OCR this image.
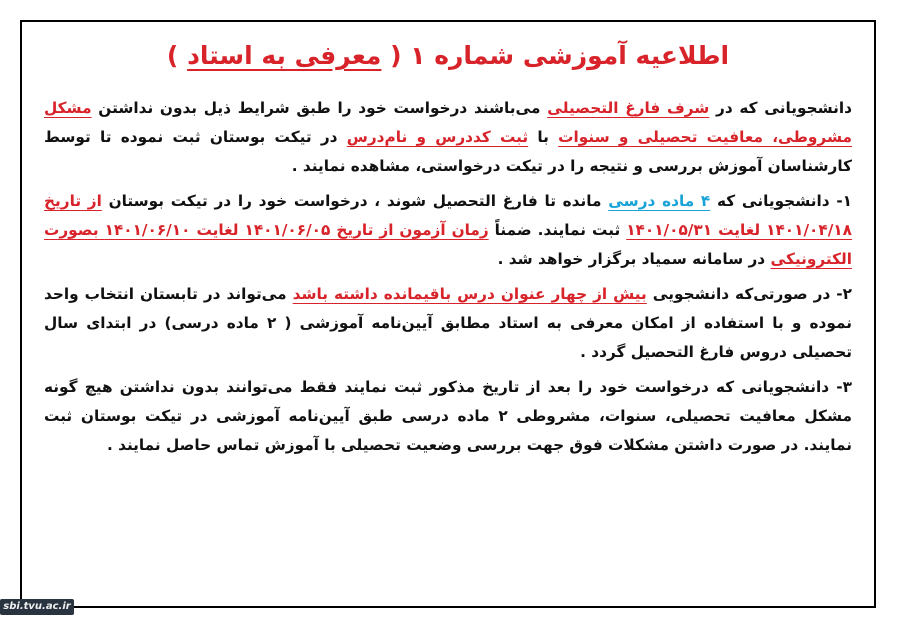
اطلاعیه آموزشی شماره ۱ ( معرفی به استاد )

دانشجویانی که در شرف فارغ التحصیلی می‌باشند درخواست خود را طبق شرایط ذیل بدون نداشتن مشکل مشروطی، معافیت تحصیلی و سنوات با ثبت کددرس و نام‌درس در تیکت بوستان ثبت نموده تا توسط کارشناسان آموزش بررسی و نتیجه را در تیکت درخواستی، مشاهده نمایند .

۱- دانشجویانی که ۴ ماده درسی مانده تا فارغ التحصیل شوند ، درخواست خود را در تیکت بوستان از تاریخ ۱۴۰۱/۰۴/۱۸ لغایت ۱۴۰۱/۰۵/۳۱ ثبت نمایند. ضمناً زمان آزمون از تاریخ ۱۴۰۱/۰۶/۰۵ لغایت ۱۴۰۱/۰۶/۱۰ بصورت الکترونیکی در سامانه سمیاد برگزار خواهد شد .

۲- در صورتی‌که دانشجویی بیش از چهار عنوان درس باقیمانده داشته باشد می‌تواند در تابستان انتخاب واحد نموده و با استفاده از امکان معرفی به استاد مطابق آیین‌نامه آموزشی ( ۲ ماده درسی) در ابتدای سال تحصیلی دروس فارغ التحصیل گردد .

۳- دانشجویانی که درخواست خود را بعد از تاریخ مذکور ثبت نمایند فقط می‌توانند بدون نداشتن هیچ گونه مشکل معافیت تحصیلی، سنوات، مشروطی ۲ ماده درسی طبق آیین‌نامه آموزشی در تیکت بوستان ثبت نمایند. در صورت داشتن مشکلات فوق جهت بررسی وضعیت تحصیلی با آموزش تماس حاصل نمایند .

sbi.tvu.ac.ir
